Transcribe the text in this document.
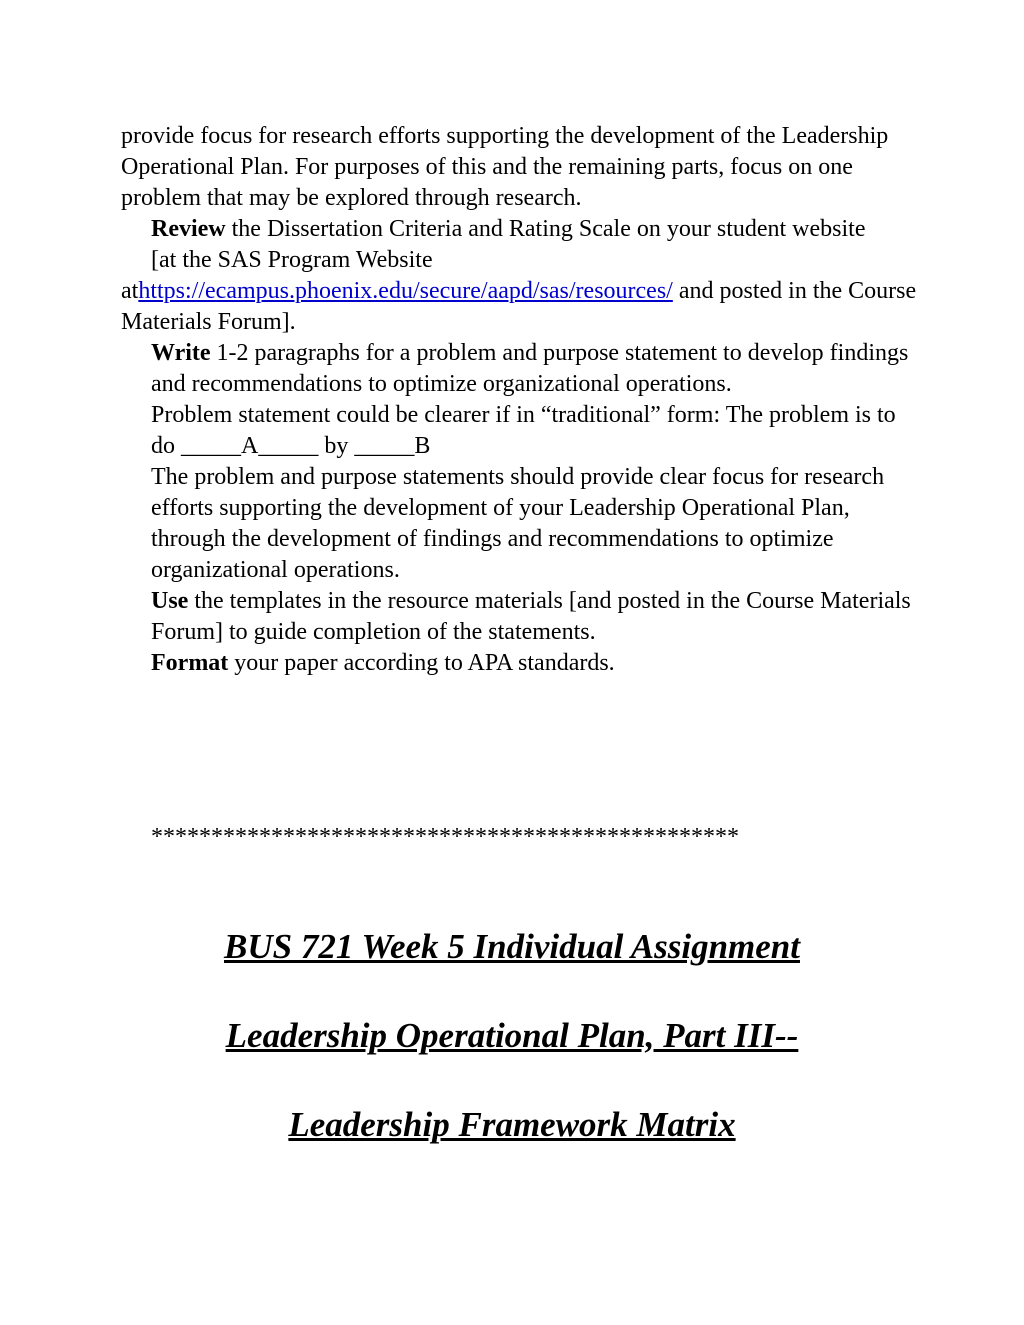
provide focus for research efforts supporting the development of the Leadership Operational Plan. For purposes of this and the remaining parts, focus on one problem that may be explored through research.

Review the Dissertation Criteria and Rating Scale on your student website

[at the SAS Program Website

athttps://ecampus.phoenix.edu/secure/aapd/sas/resources/ and posted in the Course Materials Forum].

Write 1-2 paragraphs for a problem and purpose statement to develop findings and recommendations to optimize organizational operations.

Problem statement could be clearer if in “traditional” form: The problem is to do _____A_____ by _____B

The problem and purpose statements should provide clear focus for research efforts supporting the development of your Leadership Operational Plan, through the development of findings and recommendations to optimize organizational operations.

Use the templates in the resource materials [and posted in the Course Materials Forum] to guide completion of the statements.

Format your paper according to APA standards.

*************************************************
BUS 721 Week 5 Individual Assignment
Leadership Operational Plan, Part III--
Leadership Framework Matrix
